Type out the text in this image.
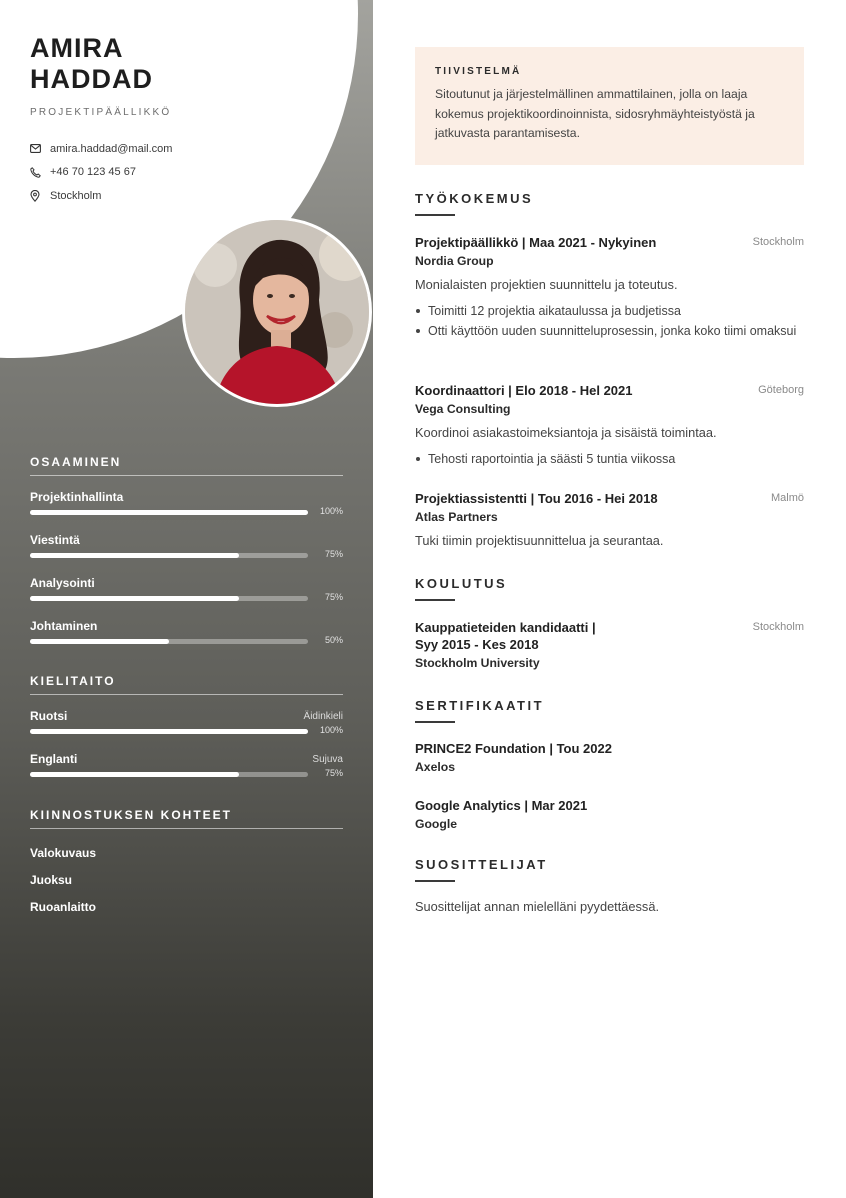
AMIRA
HADDAD

PROJEKTIPÄÄLLIKKÖ

amira.haddad@mail.com
+46 70 123 45 67
Stockholm
OSAAMINEN
Projektinhallinta
100%
Viestintä
75%
Analysointi
75%
Johtaminen
50%
KIELITAITO
Ruotsi	Äidinkieli
100%
Englanti	Sujuva
75%
KIINNOSTUKSEN KOHTEET
Valokuvaus
Juoksu
Ruoanlaitto
TIIVISTELMÄ

Sitoutunut ja järjestelmällinen ammattilainen, jolla on laaja kokemus projektikoordinoinnista, sidosryhmäyhteistyöstä ja jatkuvasta parantamisesta.

TYÖKOKEMUS

Projektipäällikkö | Maa 2021 - Nykyinen	Stockholm

Nordia Group

Monialaisten projektien suunnittelu ja toteutus.

Toimitti 12 projektia aikataulussa ja budjetissa
Otti käyttöön uuden suunnitteluprosessin, jonka koko tiimi omaksui

Koordinaattori | Elo 2018 - Hel 2021	Göteborg

Vega Consulting

Koordinoi asiakastoimeksiantoja ja sisäistä toimintaa.

Tehosti raportointia ja säästi 5 tuntia viikossa

Projektiassistentti | Tou 2016 - Hei 2018	Malmö

Atlas Partners

Tuki tiimin projektisuunnittelua ja seurantaa.

KOULUTUS

Kauppatieteiden kandidaatti |

Syy 2015 - Kes 2018

Stockholm

Stockholm University

SERTIFIKAATIT

PRINCE2 Foundation | Tou 2022

Axelos

Google Analytics | Mar 2021

Google

SUOSITTELIJAT

Suosittelijat annan mielelläni pyydettäessä.
